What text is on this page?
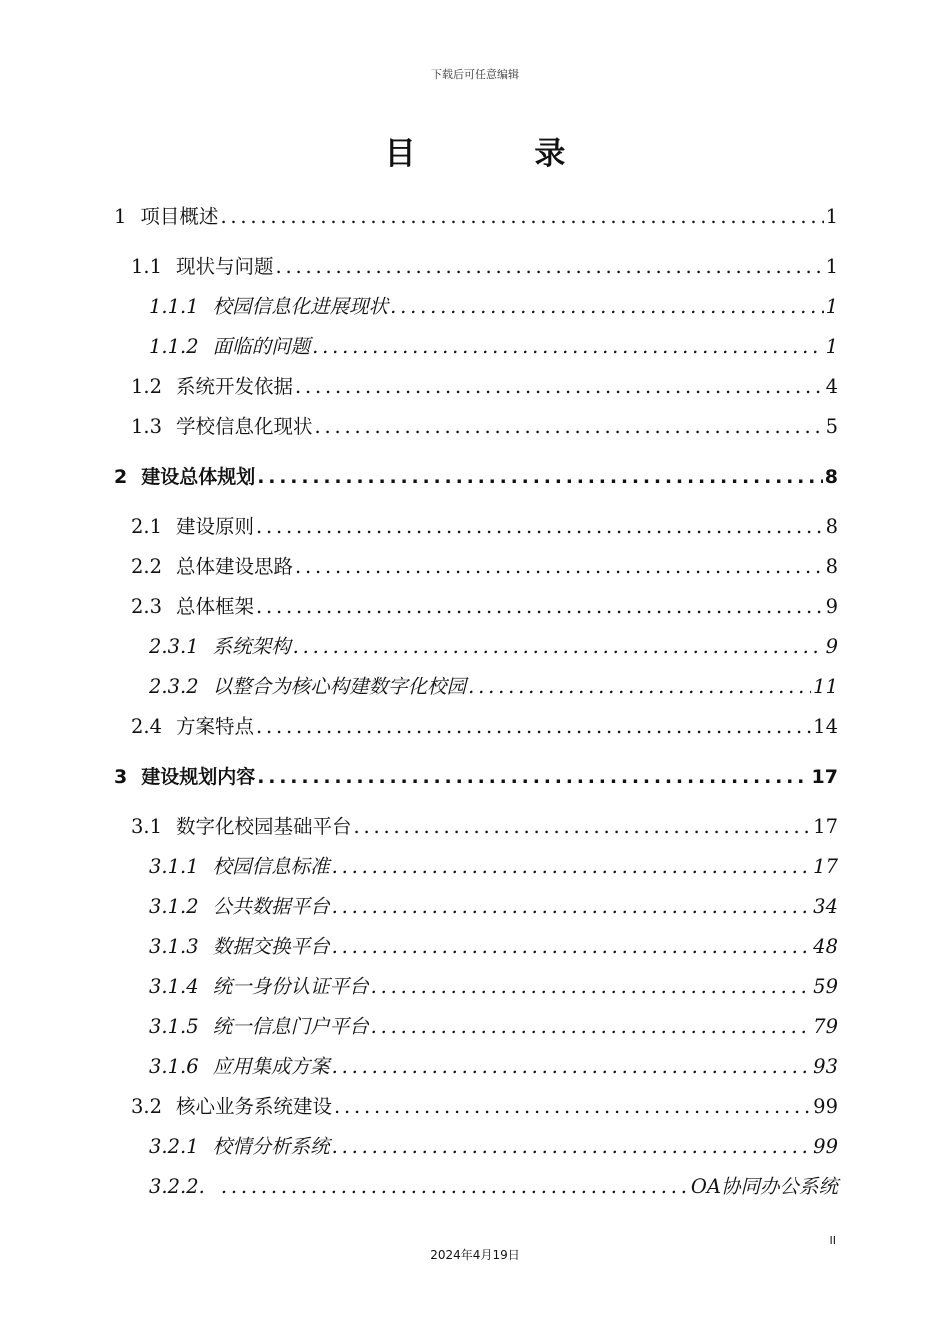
下载后可任意编辑
目 录
1 项目概述 .....	1
1.1 现状与问题 .....	1
1.1.1 校园信息化进展现状 .....	1
1.1.2 面临的问题 .....	1
1.2 系统开发依据 .....	4
1.3 学校信息化现状 .....	5
2 建设总体规划 .....	8
2.1 建设原则 .....	8
2.2 总体建设思路 .....	8
2.3 总体框架 .....	9
2.3.1 系统架构 .....	9
2.3.2 以整合为核心构建数字化校园 .....	11
2.4 方案特点 .....	14
3 建设规划内容 .....	17
3.1 数字化校园基础平台 .....	17
3.1.1 校园信息标准 .....	17
3.1.2 公共数据平台 .....	34
3.1.3 数据交换平台 .....	48
3.1.4 统一身份认证平台 .....	59
3.1.5 统一信息门户平台 .....	79
3.1.6 应用集成方案 .....	93
3.2 核心业务系统建设 .....	99
3.2.1 校情分析系统 .....	99
3.2.2. .....	OA协同办公系统
II
2024年4月19日
